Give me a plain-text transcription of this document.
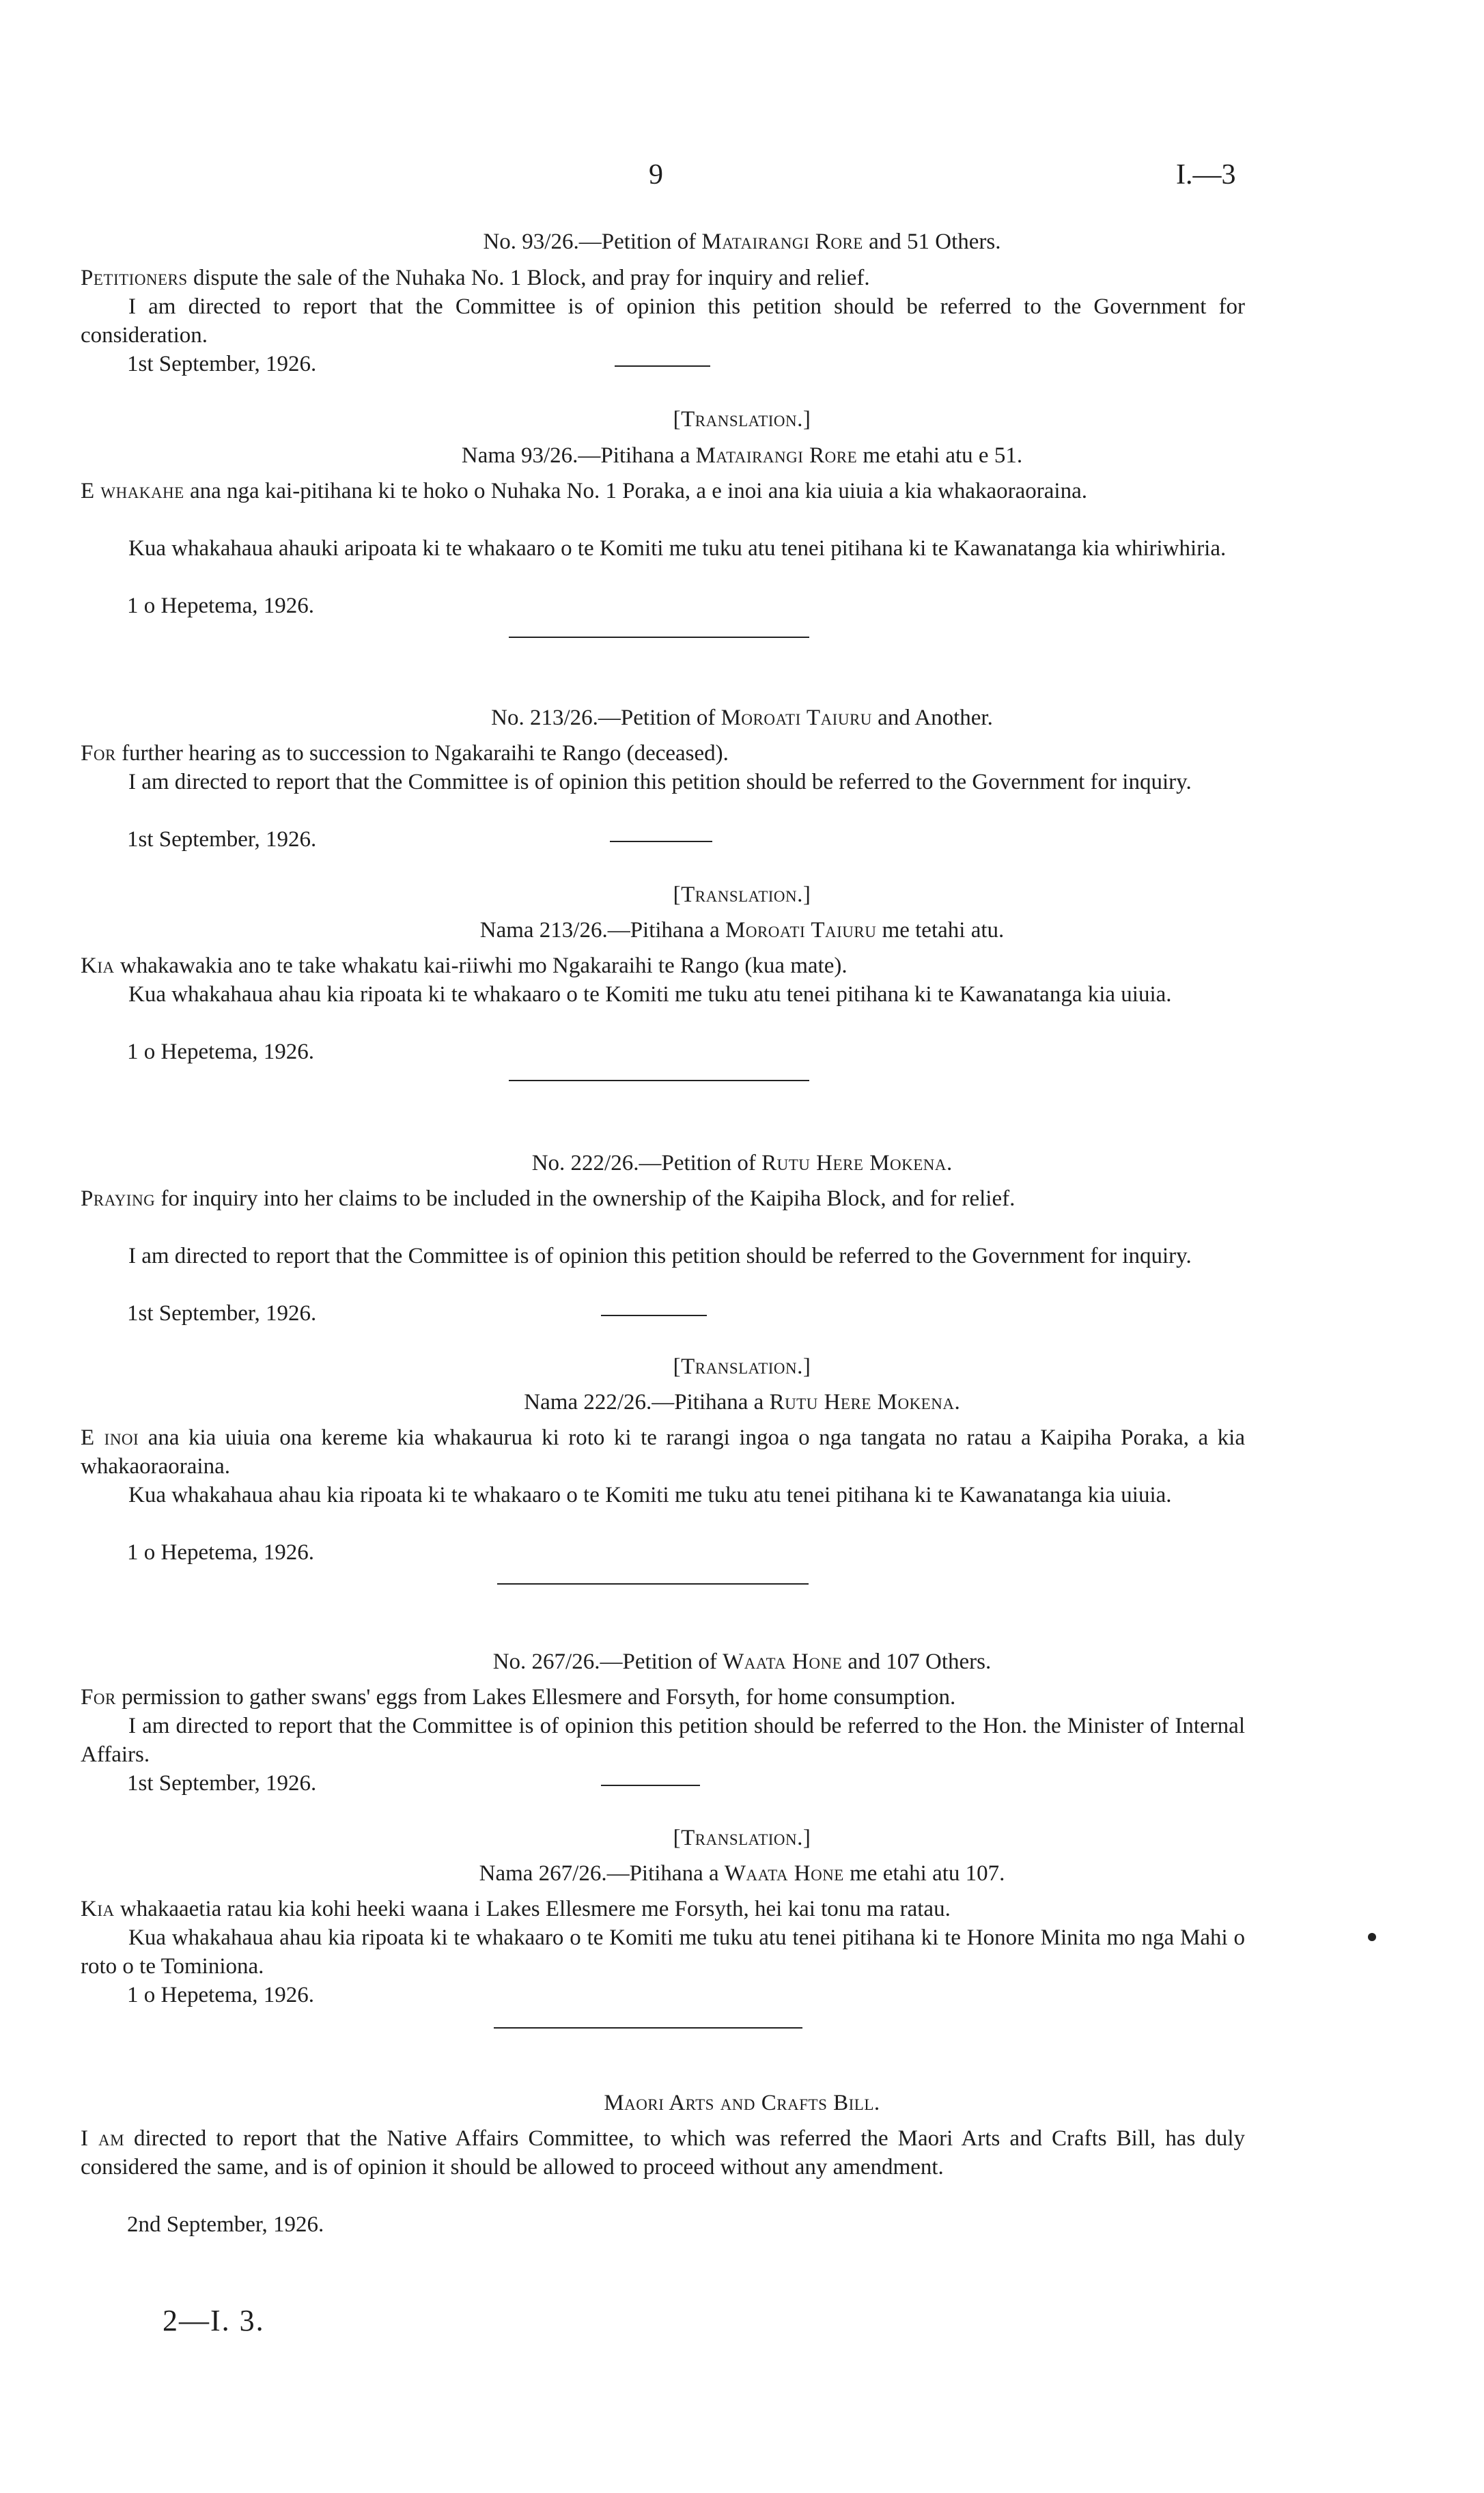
9	I.—3
No. 93/26.—Petition of Matairangi Rore and 51 Others.
Petitioners dispute the sale of the Nuhaka No. 1 Block, and pray for inquiry and relief.
I am directed to report that the Committee is of opinion this petition should be referred to the Government for consideration.
1st September, 1926.
[Translation.]
Nama 93/26.—Pitihana a Matairangi Rore me etahi atu e 51.
E whakahe ana nga kai-pitihana ki te hoko o Nuhaka No. 1 Poraka, a e inoi ana kia uiuia a kia whakaoraoraina.
Kua whakahaua ahauki aripoata ki te whakaaro o te Komiti me tuku atu tenei pitihana ki te Kawanatanga kia whiriwhiria.
1 o Hepetema, 1926.
No. 213/26.—Petition of Moroati Taiuru and Another.
For further hearing as to succession to Ngakaraihi te Rango (deceased).
I am directed to report that the Committee is of opinion this petition should be referred to the Government for inquiry.
1st September, 1926.
[Translation.]
Nama 213/26.—Pitihana a Moroati Taiuru me tetahi atu.
Kia whakawakia ano te take whakatu kai-riiwhi mo Ngakaraihi te Rango (kua mate).
Kua whakahaua ahau kia ripoata ki te whakaaro o te Komiti me tuku atu tenei pitihana ki te Kawanatanga kia uiuia.
1 o Hepetema, 1926.
No. 222/26.—Petition of Rutu Here Mokena.
Praying for inquiry into her claims to be included in the ownership of the Kaipiha Block, and for relief.
I am directed to report that the Committee is of opinion this petition should be referred to the Government for inquiry.
1st September, 1926.
[Translation.]
Nama 222/26.—Pitihana a Rutu Here Mokena.
E inoi ana kia uiuia ona kereme kia whakaurua ki roto ki te rarangi ingoa o nga tangata no ratau a Kaipiha Poraka, a kia whakaoraoraina.
Kua whakahaua ahau kia ripoata ki te whakaaro o te Komiti me tuku atu tenei pitihana ki te Kawanatanga kia uiuia.
1 o Hepetema, 1926.
No. 267/26.—Petition of Waata Hone and 107 Others.
For permission to gather swans' eggs from Lakes Ellesmere and Forsyth, for home consumption.
I am directed to report that the Committee is of opinion this petition should be referred to the Hon. the Minister of Internal Affairs.
1st September, 1926.
[Translation.]
Nama 267/26.—Pitihana a Waata Hone me etahi atu 107.
Kia whakaaetia ratau kia kohi heeki waana i Lakes Ellesmere me Forsyth, hei kai tonu ma ratau.
Kua whakahaua ahau kia ripoata ki te whakaaro o te Komiti me tuku atu tenei pitihana ki te Honore Minita mo nga Mahi o roto o te Tominiona.
1 o Hepetema, 1926.
Maori Arts and Crafts Bill.
I am directed to report that the Native Affairs Committee, to which was referred the Maori Arts and Crafts Bill, has duly considered the same, and is of opinion it should be allowed to proceed without any amendment.
2nd September, 1926.
2—I. 3.
